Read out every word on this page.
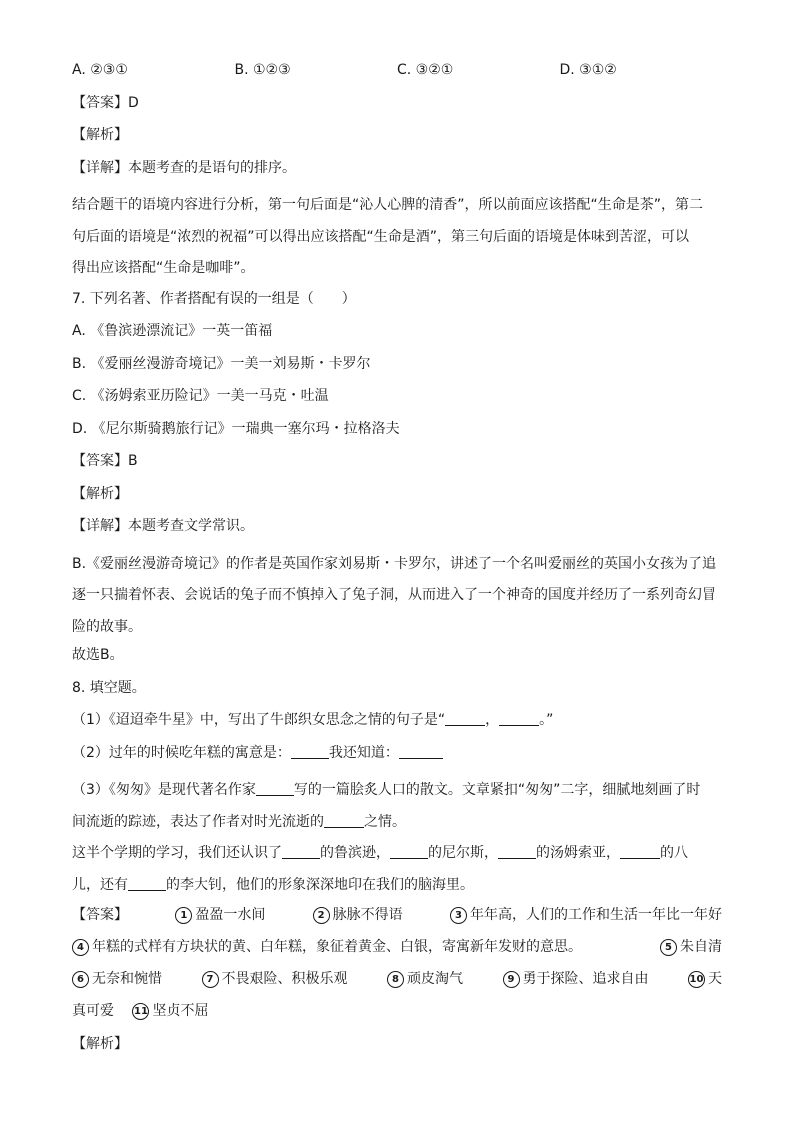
A. ②③①	B. ①②③	C. ③②①	D. ③①②
【答案】D
【解析】
【详解】本题考查的是语句的排序。
结合题干的语境内容进行分析，第一句后面是“沁人心脾的清香”，所以前面应该搭配“生命是茶”，第二
句后面的语境是“浓烈的祝福”可以得出应该搭配“生命是酒”，第三句后面的语境是体味到苦涩，可以
得出应该搭配“生命是咖啡”。
7. 下列名著、作者搭配有误的一组是（　　）
A. 《鲁滨逊漂流记》一英一笛福
B. 《爱丽丝漫游奇境记》一美一刘易斯・卡罗尔
C. 《汤姆索亚历险记》一美一马克・吐温
D. 《尼尔斯骑鹅旅行记》一瑞典一塞尔玛・拉格洛夫
【答案】B
【解析】
【详解】本题考查文学常识。
B.《爱丽丝漫游奇境记》的作者是英国作家刘易斯・卡罗尔，讲述了一个名叫爱丽丝的英国小女孩为了追
逐一只揣着怀表、会说话的兔子而不慎掉入了兔子洞，从而进入了一个神奇的国度并经历了一系列奇幻冒
险的故事。
故选B。
8. 填空题。
（1）《迢迢牵牛星》中，写出了牛郎织女思念之情的句子是“	，	。”
（2）过年的时候吃年糕的寓意是：	我还知道：
（3）《匆匆》是现代著名作家	写的一篇脍炙人口的散文。文章紧扣“匆匆”二字，细腻地刻画了时
间流逝的踪迹，表达了作者对时光流逝的	之情。
这半个学期的学习，我们还认识了	的鲁滨逊，	的尼尔斯，	的汤姆索亚，	的八
儿，还有	的李大钊，他们的形象深深地印在我们的脑海里。
【答案】	1 盈盈一水间	2 脉脉不得语	3 年年高，人们的工作和生活一年比一年好
4 年糕的式样有方块状的黄、白年糕，象征着黄金、白银，寄寓新年发财的意思。	5 朱自清
6 无奈和惋惜	7 不畏艰险、积极乐观	8 顽皮淘气	9 勇于探险、追求自由	10 天
真可爱 11 坚贞不屈
【解析】
